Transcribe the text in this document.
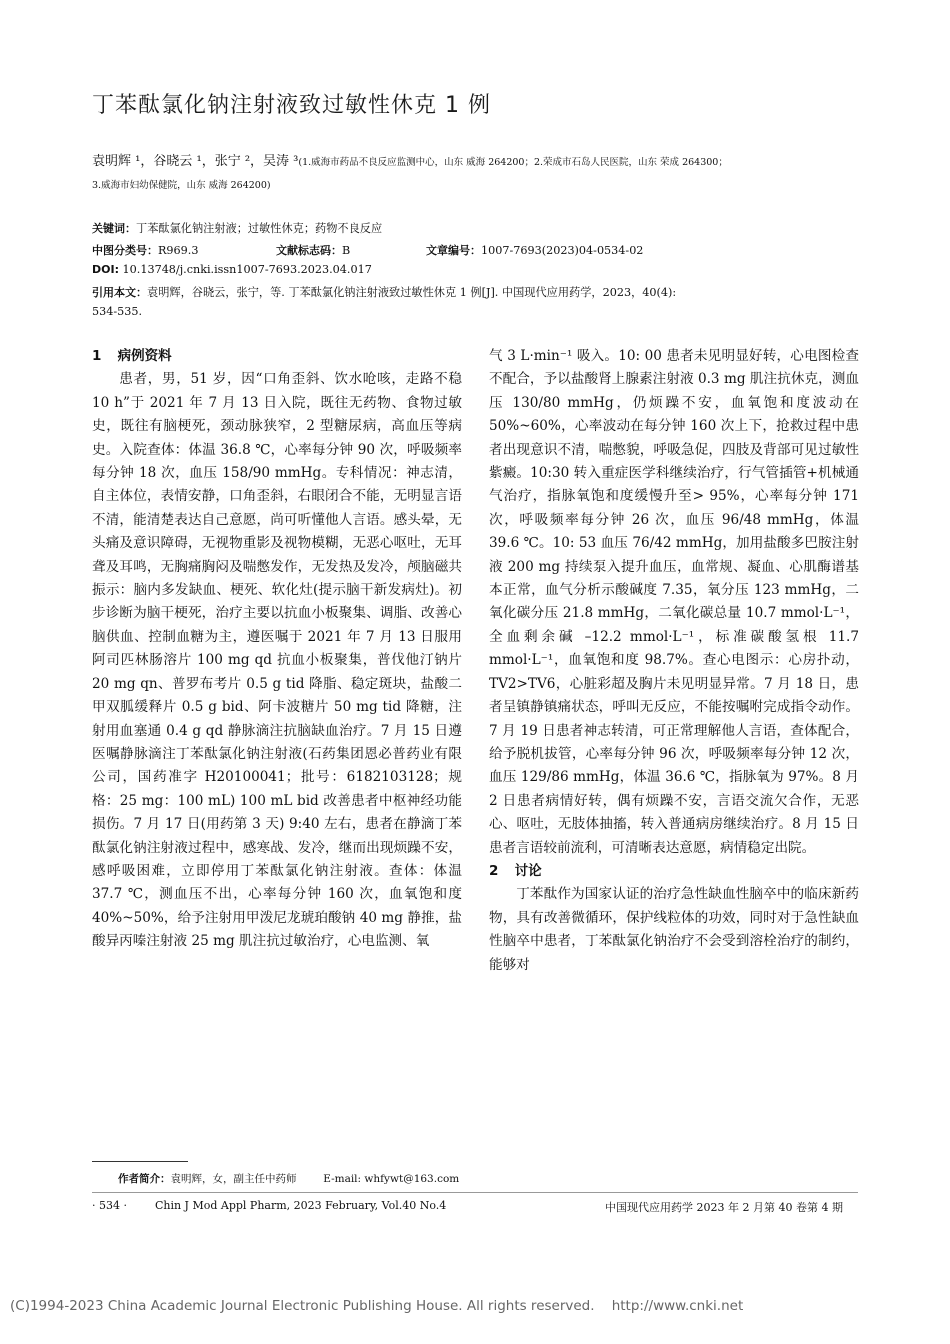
丁苯酞氯化钠注射液致过敏性休克 1 例
袁明辉 ¹，谷晓云 ¹，张宁 ²，吴涛 ³(1.威海市药品不良反应监测中心，山东 威海 264200；2.荣成市石岛人民医院，山东 荣成 264300；
3.威海市妇幼保健院，山东 威海 264200)
关键词：丁苯酞氯化钠注射液；过敏性休克；药物不良反应
中图分类号：R969.3	文献标志码：B	文章编号：1007-7693(2023)04-0534-02
DOI: 10.13748/j.cnki.issn1007-7693.2023.04.017
引用本文：袁明辉，谷晓云，张宁，等. 丁苯酞氯化钠注射液致过敏性休克 1 例[J]. 中国现代应用药学，2023，40(4):
534-535.
1 病例资料

患者，男，51 岁，因“口角歪斜、饮水呛咳，走路不稳 10 h”于 2021 年 7 月 13 日入院，既往无药物、食物过敏史，既往有脑梗死，颈动脉狭窄，2 型糖尿病，高血压等病史。入院查体：体温 36.8 ℃，心率每分钟 90 次，呼吸频率每分钟 18 次，血压 158/90 mmHg。专科情况：神志清，自主体位，表情安静，口角歪斜，右眼闭合不能，无明显言语不清，能清楚表达自己意愿，尚可听懂他人言语。感头晕，无头痛及意识障碍，无视物重影及视物模糊，无恶心呕吐，无耳聋及耳鸣，无胸痛胸闷及喘憋发作，无发热及发冷，颅脑磁共振示：脑内多发缺血、梗死、软化灶(提示脑干新发病灶)。初步诊断为脑干梗死，治疗主要以抗血小板聚集、调脂、改善心脑供血、控制血糖为主，遵医嘱于 2021 年 7 月 13 日服用阿司匹林肠溶片 100 mg qd 抗血小板聚集，普伐他汀钠片 20 mg qn、普罗布考片 0.5 g tid 降脂、稳定斑块，盐酸二甲双胍缓释片 0.5 g bid、阿卡波糖片 50 mg tid 降糖，注射用血塞通 0.4 g qd 静脉滴注抗脑缺血治疗。7 月 15 日遵医嘱静脉滴注丁苯酞氯化钠注射液(石药集团恩必普药业有限公司，国药准字 H20100041；批号：6182103128；规格：25 mg：100 mL) 100 mL bid 改善患者中枢神经功能损伤。7 月 17 日(用药第 3 天) 9:40 左右，患者在静滴丁苯酞氯化钠注射液过程中，感寒战、发冷，继而出现烦躁不安，感呼吸困难，立即停用丁苯酞氯化钠注射液。查体：体温 37.7 ℃，测血压不出，心率每分钟 160 次，血氧饱和度 40%~50%，给予注射用甲泼尼龙琥珀酸钠 40 mg 静推，盐酸异丙嗪注射液 25 mg 肌注抗过敏治疗，心电监测、氧

气 3 L·min⁻¹ 吸入。10: 00 患者未见明显好转，心电图检查不配合，予以盐酸肾上腺素注射液 0.3 mg 肌注抗休克，测血压 130/80 mmHg，仍烦躁不安，血氧饱和度波动在 50%~60%，心率波动在每分钟 160 次上下，抢救过程中患者出现意识不清，喘憋貌，呼吸急促，四肢及背部可见过敏性紫癜。10:30 转入重症医学科继续治疗，行气管插管+机械通气治疗，指脉氧饱和度缓慢升至> 95%，心率每分钟 171 次，呼吸频率每分钟 26 次，血压 96/48 mmHg，体温 39.6 ℃。10: 53 血压 76/42 mmHg，加用盐酸多巴胺注射液 200 mg 持续泵入提升血压，血常规、凝血、心肌酶谱基本正常，血气分析示酸碱度 7.35，氧分压 123 mmHg，二氧化碳分压 21.8 mmHg，二氧化碳总量 10.7 mmol·L⁻¹，全血剩余碱 –12.2 mmol·L⁻¹，标准碳酸氢根 11.7 mmol·L⁻¹，血氧饱和度 98.7%。查心电图示：心房扑动，TV2>TV6，心脏彩超及胸片未见明显异常。7 月 18 日，患者呈镇静镇痛状态，呼叫无反应，不能按嘱咐完成指令动作。7 月 19 日患者神志转清，可正常理解他人言语，查体配合，给予脱机拔管，心率每分钟 96 次，呼吸频率每分钟 12 次，血压 129/86 mmHg，体温 36.6 ℃，指脉氧为 97%。8 月 2 日患者病情好转，偶有烦躁不安，言语交流欠合作，无恶心、呕吐，无肢体抽搐，转入普通病房继续治疗。8 月 15 日患者言语较前流利，可清晰表达意愿，病情稳定出院。

2 讨论

丁苯酞作为国家认证的治疗急性缺血性脑卒中的临床新药物，具有改善微循环，保护线粒体的功效，同时对于急性缺血性脑卒中患者，丁苯酞氯化钠治疗不会受到溶栓治疗的制约，能够对

作者简介：袁明辉，女，副主任中药师	E-mail: whfywt@163.com
· 534 ·        Chin J Mod Appl Pharm, 2023 February, Vol.40 No.4	中国现代应用药学 2023 年 2 月第 40 卷第 4 期
(C)1994-2023 China Academic Journal Electronic Publishing House. All rights reserved.    http://www.cnki.net
